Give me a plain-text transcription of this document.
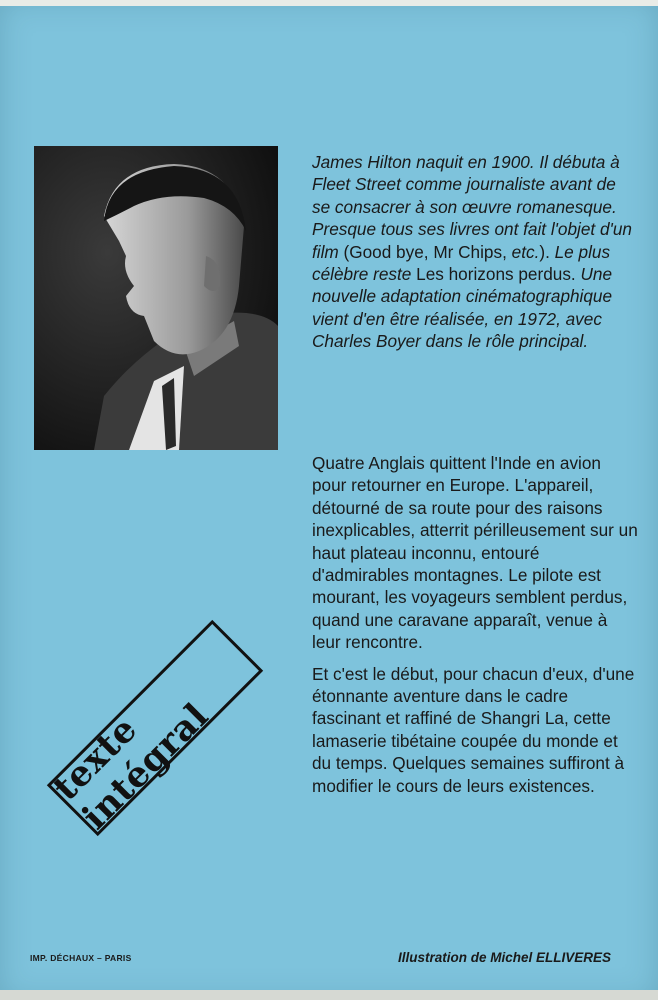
James Hilton naquit en 1900. Il débuta à Fleet Street comme journaliste avant de se consacrer à son œuvre romanesque. Presque tous ses livres ont fait l'objet d'un film (Good bye, Mr Chips, etc.). Le plus célèbre reste Les horizons perdus. Une nouvelle adaptation cinématographique vient d'en être réalisée, en 1972, avec Charles Boyer dans le rôle principal.

Quatre Anglais quittent l'Inde en avion pour retourner en Europe. L'appareil, détourné de sa route pour des raisons inexplicables, atterrit périlleusement sur un haut plateau inconnu, entouré d'admirables montagnes. Le pilote est mourant, les voyageurs semblent perdus, quand une caravane apparaît, venue à leur rencontre.

Et c'est le début, pour chacun d'eux, d'une étonnante aventure dans le cadre fascinant et raffiné de Shangri La, cette lamaserie tibétaine coupée du monde et du temps. Quelques semaines suffiront à modifier le cours de leurs existences.

texte intégral
IMP. DÉCHAUX – PARIS	Illustration de Michel ELLIVERES
